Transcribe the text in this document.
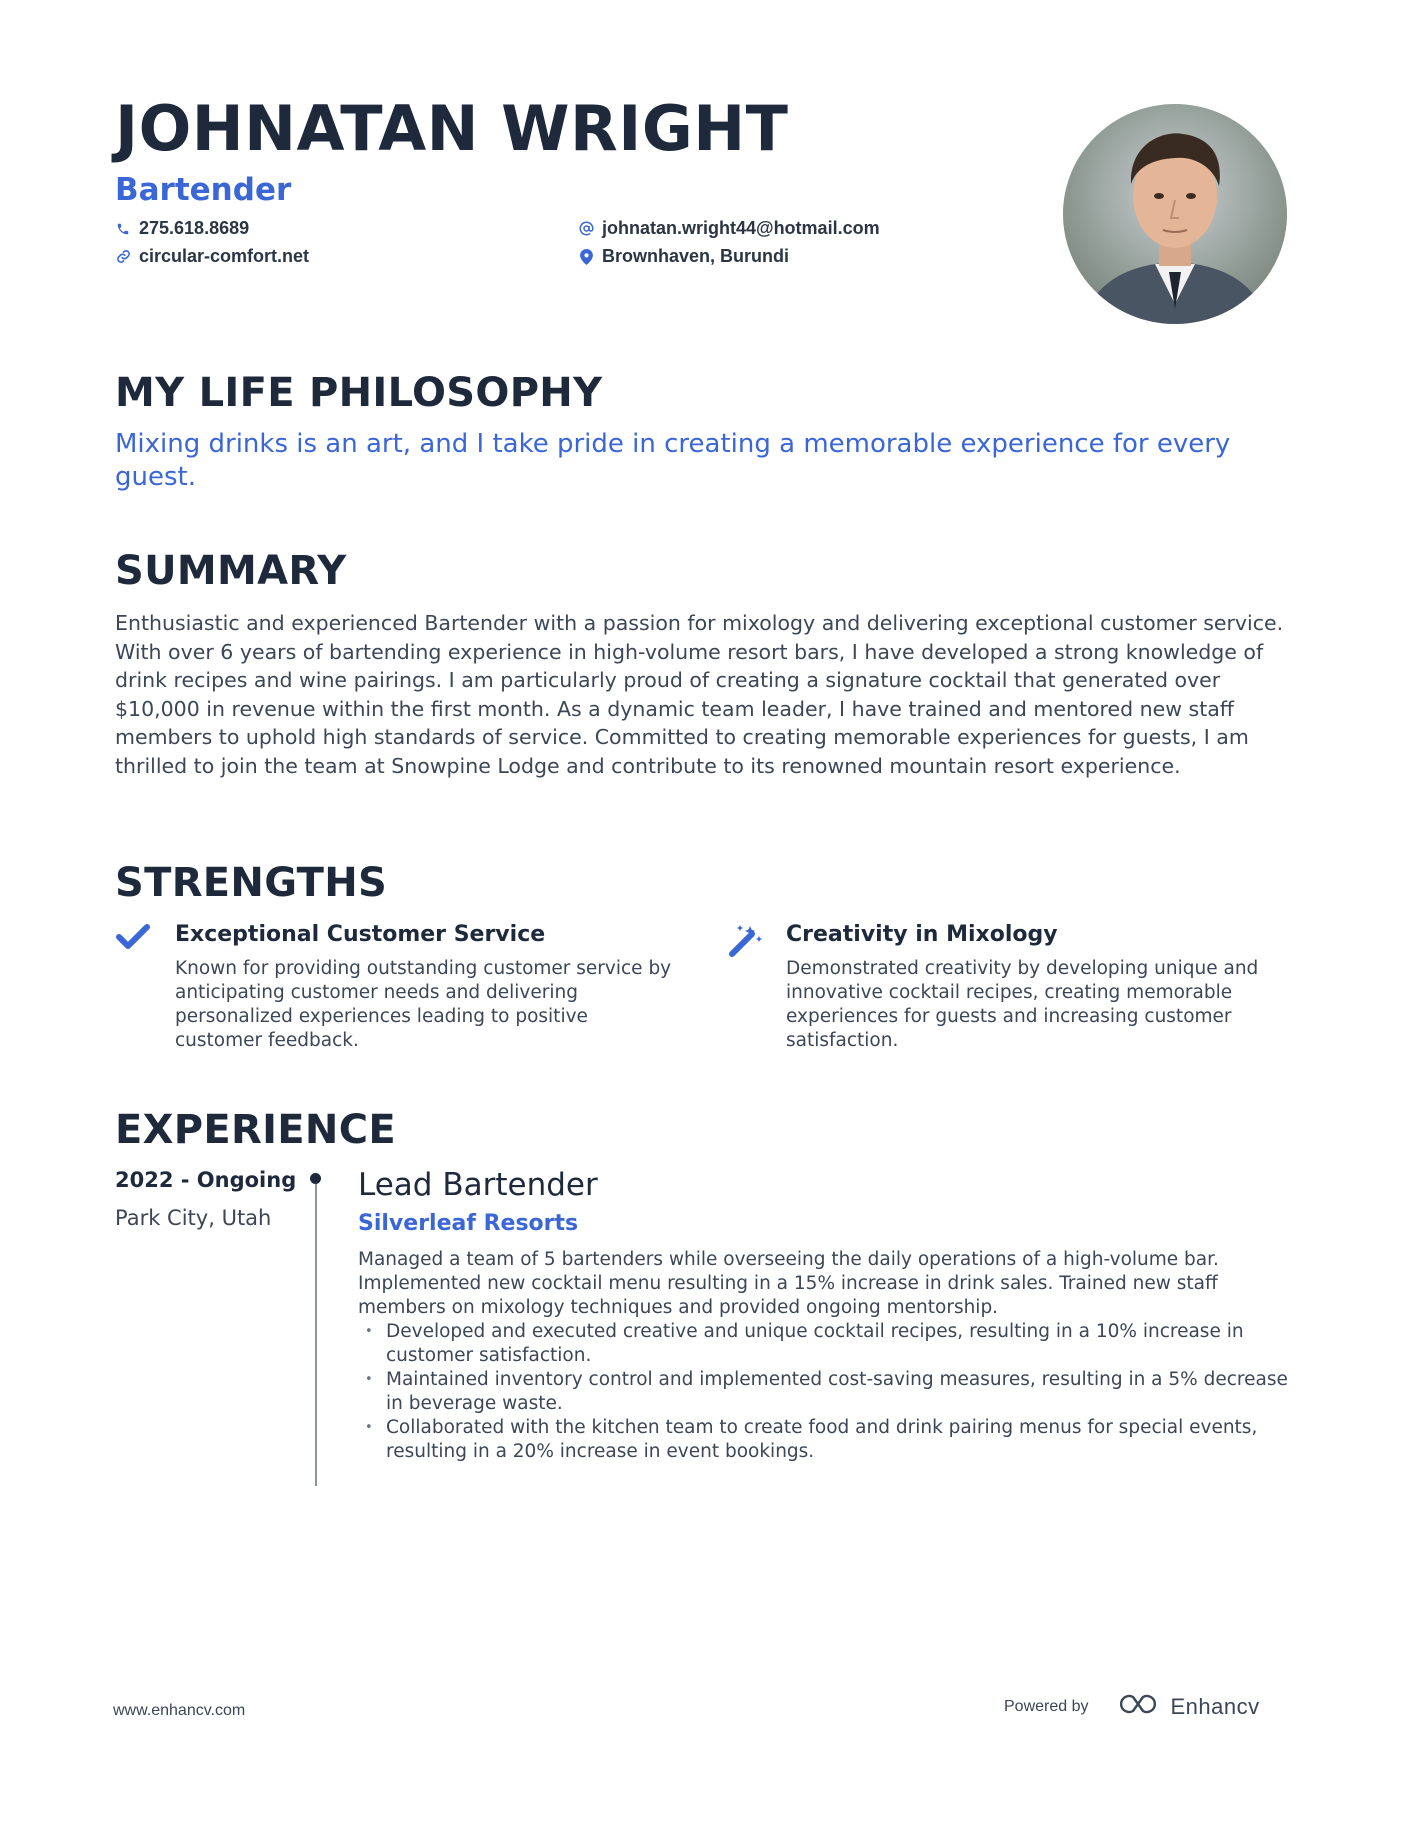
JOHNATAN WRIGHT
Bartender
275.618.8689
circular-comfort.net
johnatan.wright44@hotmail.com
Brownhaven, Burundi
MY LIFE PHILOSOPHY

Mixing drinks is an art, and I take pride in creating a memorable experience for every guest.

SUMMARY

Enthusiastic and experienced Bartender with a passion for mixology and delivering exceptional customer service. With over 6 years of bartending experience in high-volume resort bars, I have developed a strong knowledge of drink recipes and wine pairings. I am particularly proud of creating a signature cocktail that generated over $10,000 in revenue within the first month. As a dynamic team leader, I have trained and mentored new staff members to uphold high standards of service. Committed to creating memorable experiences for guests, I am thrilled to join the team at Snowpine Lodge and contribute to its renowned mountain resort experience.

STRENGTHS
Exceptional Customer Service

Known for providing outstanding customer service by anticipating customer needs and delivering personalized experiences leading to positive customer feedback.

Creativity in Mixology

Demonstrated creativity by developing unique and innovative cocktail recipes, creating memorable experiences for guests and increasing customer satisfaction.

EXPERIENCE
2022 - Ongoing
Park City, Utah
Lead Bartender
Silverleaf Resorts

Managed a team of 5 bartenders while overseeing the daily operations of a high-volume bar. Implemented new cocktail menu resulting in a 15% increase in drink sales. Trained new staff members on mixology techniques and provided ongoing mentorship.

• Developed and executed creative and unique cocktail recipes, resulting in a 10% increase in customer satisfaction.
• Maintained inventory control and implemented cost-saving measures, resulting in a 5% decrease in beverage waste.
• Collaborated with the kitchen team to create food and drink pairing menus for special events, resulting in a 20% increase in event bookings.
www.enhancv.com	Powered by	Enhancv
